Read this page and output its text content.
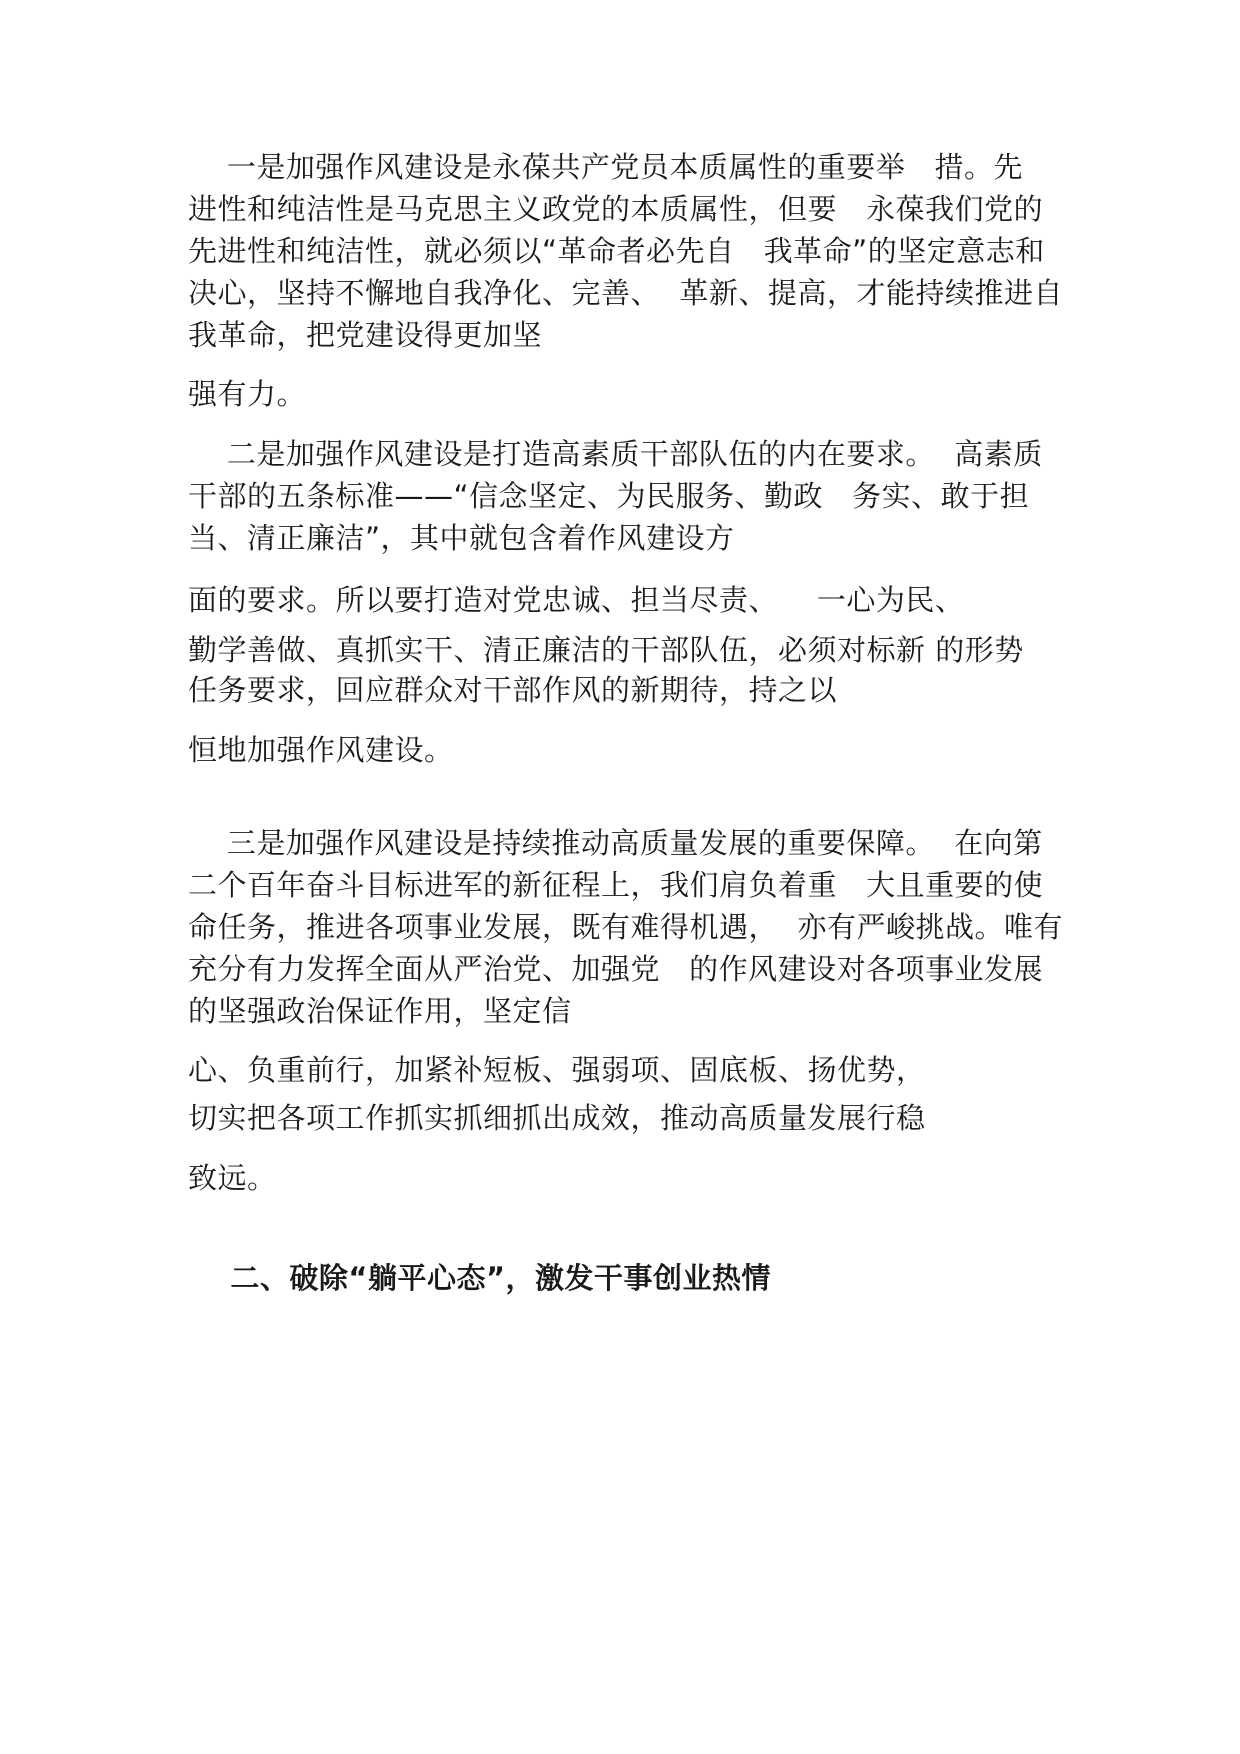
一是加强作风建设是永葆共产党员本质属性的重要举   措。先
进性和纯洁性是马克思主义政党的本质属性，但要   永葆我们党的
先进性和纯洁性，就必须以“革命者必先自   我革命”的坚定意志和
决心，坚持不懈地自我净化、完善、  革新、提高，才能持续推进自
我革命，把党建设得更加坚
强有力。
二是加强作风建设是打造高素质干部队伍的内在要求。  高素质
干部的五条标准——“信念坚定、为民服务、勤政   务实、敢于担
当、清正廉洁”，其中就包含着作风建设方
面的要求。所以要打造对党忠诚、担当尽责、    一心为民、
勤学善做、真抓实干、清正廉洁的干部队伍，必须对标新 的形势
任务要求，回应群众对干部作风的新期待，持之以
恒地加强作风建设。
三是加强作风建设是持续推动高质量发展的重要保障。  在向第
二个百年奋斗目标进军的新征程上，我们肩负着重   大且重要的使
命任务，推进各项事业发展，既有难得机遇，  亦有严峻挑战。唯有
充分有力发挥全面从严治党、加强党   的作风建设对各项事业发展
的坚强政治保证作用，坚定信
心、负重前行，加紧补短板、强弱项、固底板、扬优势，
切实把各项工作抓实抓细抓出成效，推动高质量发展行稳
致远。
二、破除“躺平心态”，激发干事创业热情
